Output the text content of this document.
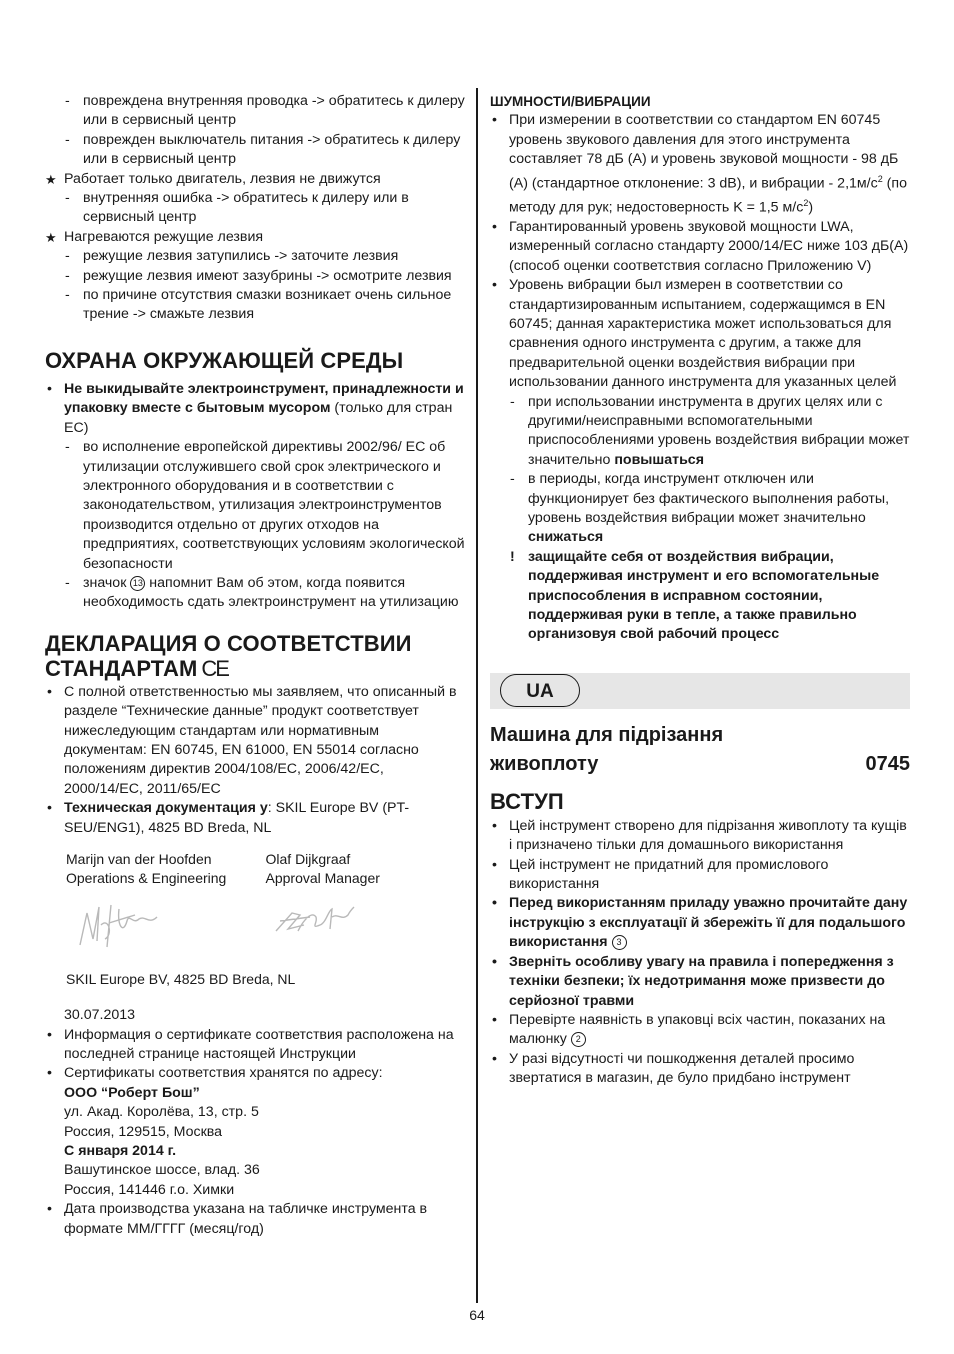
- повреждена внутренняя проводка -> обратитесь к дилеру или в сервисный центр

- поврежден выключатель питания -> обратитесь к дилеру или в сервисный центр

★ Работает только двигатель, лезвия не движутся

- внутренняя ошибка -> обратитесь к дилеру или в сервисный центр

★ Нагреваются режущие лезвия

- режущие лезвия затупились -> заточите лезвия

- режущие лезвия имеют зазубрины -> осмотрите лезвия

- по причине отсутствия смазки возникает очень сильное трение -> смажьте лезвия

ОХРАНА ОКРУЖАЮЩЕЙ СРЕДЫ

• Не выкидывайте электроинструмент, принадлежности и упаковку вместе с бытовым мусором (только для стран ЕС)

- во исполнение европейской директивы 2002/96/ ЕС об утилизации отслужившего свой срок электрического и электронного оборудования и в соответствии с законодательством, утилизация электроинструментов производится отдельно от других отходов на предприятиях, соответствующих условиям экологической безопасности

- значок 13 напомнит Вам об этом, когда появится необходимость сдать электроинструмент на утилизацию

ДЕКЛАРАЦИЯ О СООТВЕТСТВИИ
СТАНДАРТАМ CE

• С полной ответственностью мы заявляем, что описанный в разделе “Технические данные” продукт соответствует нижеследующим стандартам или нормативным документам: EN 60745, EN 61000, EN 55014 согласно положениям директив 2004/108/EC, 2006/42/EC, 2000/14/EC, 2011/65/EC

• Техническая документация у: SKIL Europe BV (PT-SEU/ENG1), 4825 BD Breda, NL

Marijn van der Hoofden

Operations & Engineering

Olaf Dijkgraaf

Approval Manager

SKIL Europe BV, 4825 BD Breda, NL

30.07.2013

• Информация о сертификате соответствия расположена на последней странице настоящей Инструкции

• Сертификаты соответствия хранятся по адресу:

ООО “Роберт Бош”

ул. Акад. Королёва, 13, стр. 5

Россия, 129515, Москва

С января 2014 г.

Вашутинское шоссе, влад. 36

Россия, 141446 г.о. Химки

• Дата производства указана на табличке инструмента в формате ММ/ГГГГ (месяц/год)

ШУМНОСТИ/ВИБРАЦИИ

• При измерении в соответствии со стандартом EN 60745 уровень звукового давления для этого инструмента составляет 78 дБ (A) и уровень звуковой мощности - 98 дБ (A) (стандартное отклонение: 3 dB), и вибрации - $2,1м/с^2$ (по методу для рук; недостоверность K = 1,5 $м/с^2$)

• Гарантированный уровень звуковой мощности LWA, измеренный согласно стандарту 2000/14/ЕС ниже 103 дБ(А) (способ оценки соответствия согласно Приложению V)

• Уровень вибрации был измерен в соответствии со стандартизированным испытанием, содержащимся в EN 60745; данная характеристика может использоваться для сравнения одного инструмента с другим, а также для предварительной оценки воздействия вибрации при использовании данного инструмента для указанных целей

- при использовании инструмента в других целях или с другими/неисправными вспомогательными приспособлениями уровень воздействия вибрации может значительно повышаться

- в периоды, когда инструмент отключен или функционирует без фактического выполнения работы, уровень воздействия вибрации может значительно снижаться

! защищайте себя от воздействия вибрации, поддерживая инструмент и его вспомогательные приспособления в исправном состоянии, поддерживая руки в тепле, а также правильно организовуя свой рабочий процесс

UA
Машина для підрізання
живоплоту	0745
ВСТУП

• Цей інструмент створено для підрізання живоплоту та кущів і призначено тільки для домашнього використання

• Цей інструмент не придатний для промислового використання

• Перед використанням приладу уважно прочитайте дану інструкцію з експлуатації й збережіть її для подальшого використання 3

• Зверніть особливу увагу на правила і попередження з техніки безпеки; їх недотримання може призвести до серйозної травми

• Перевірте наявність в упаковці всіх частин, показаних на малюнку 2

• У разі відсутності чи пошкодження деталей просимо звертатися в магазин, де було придбано інструмент

64
